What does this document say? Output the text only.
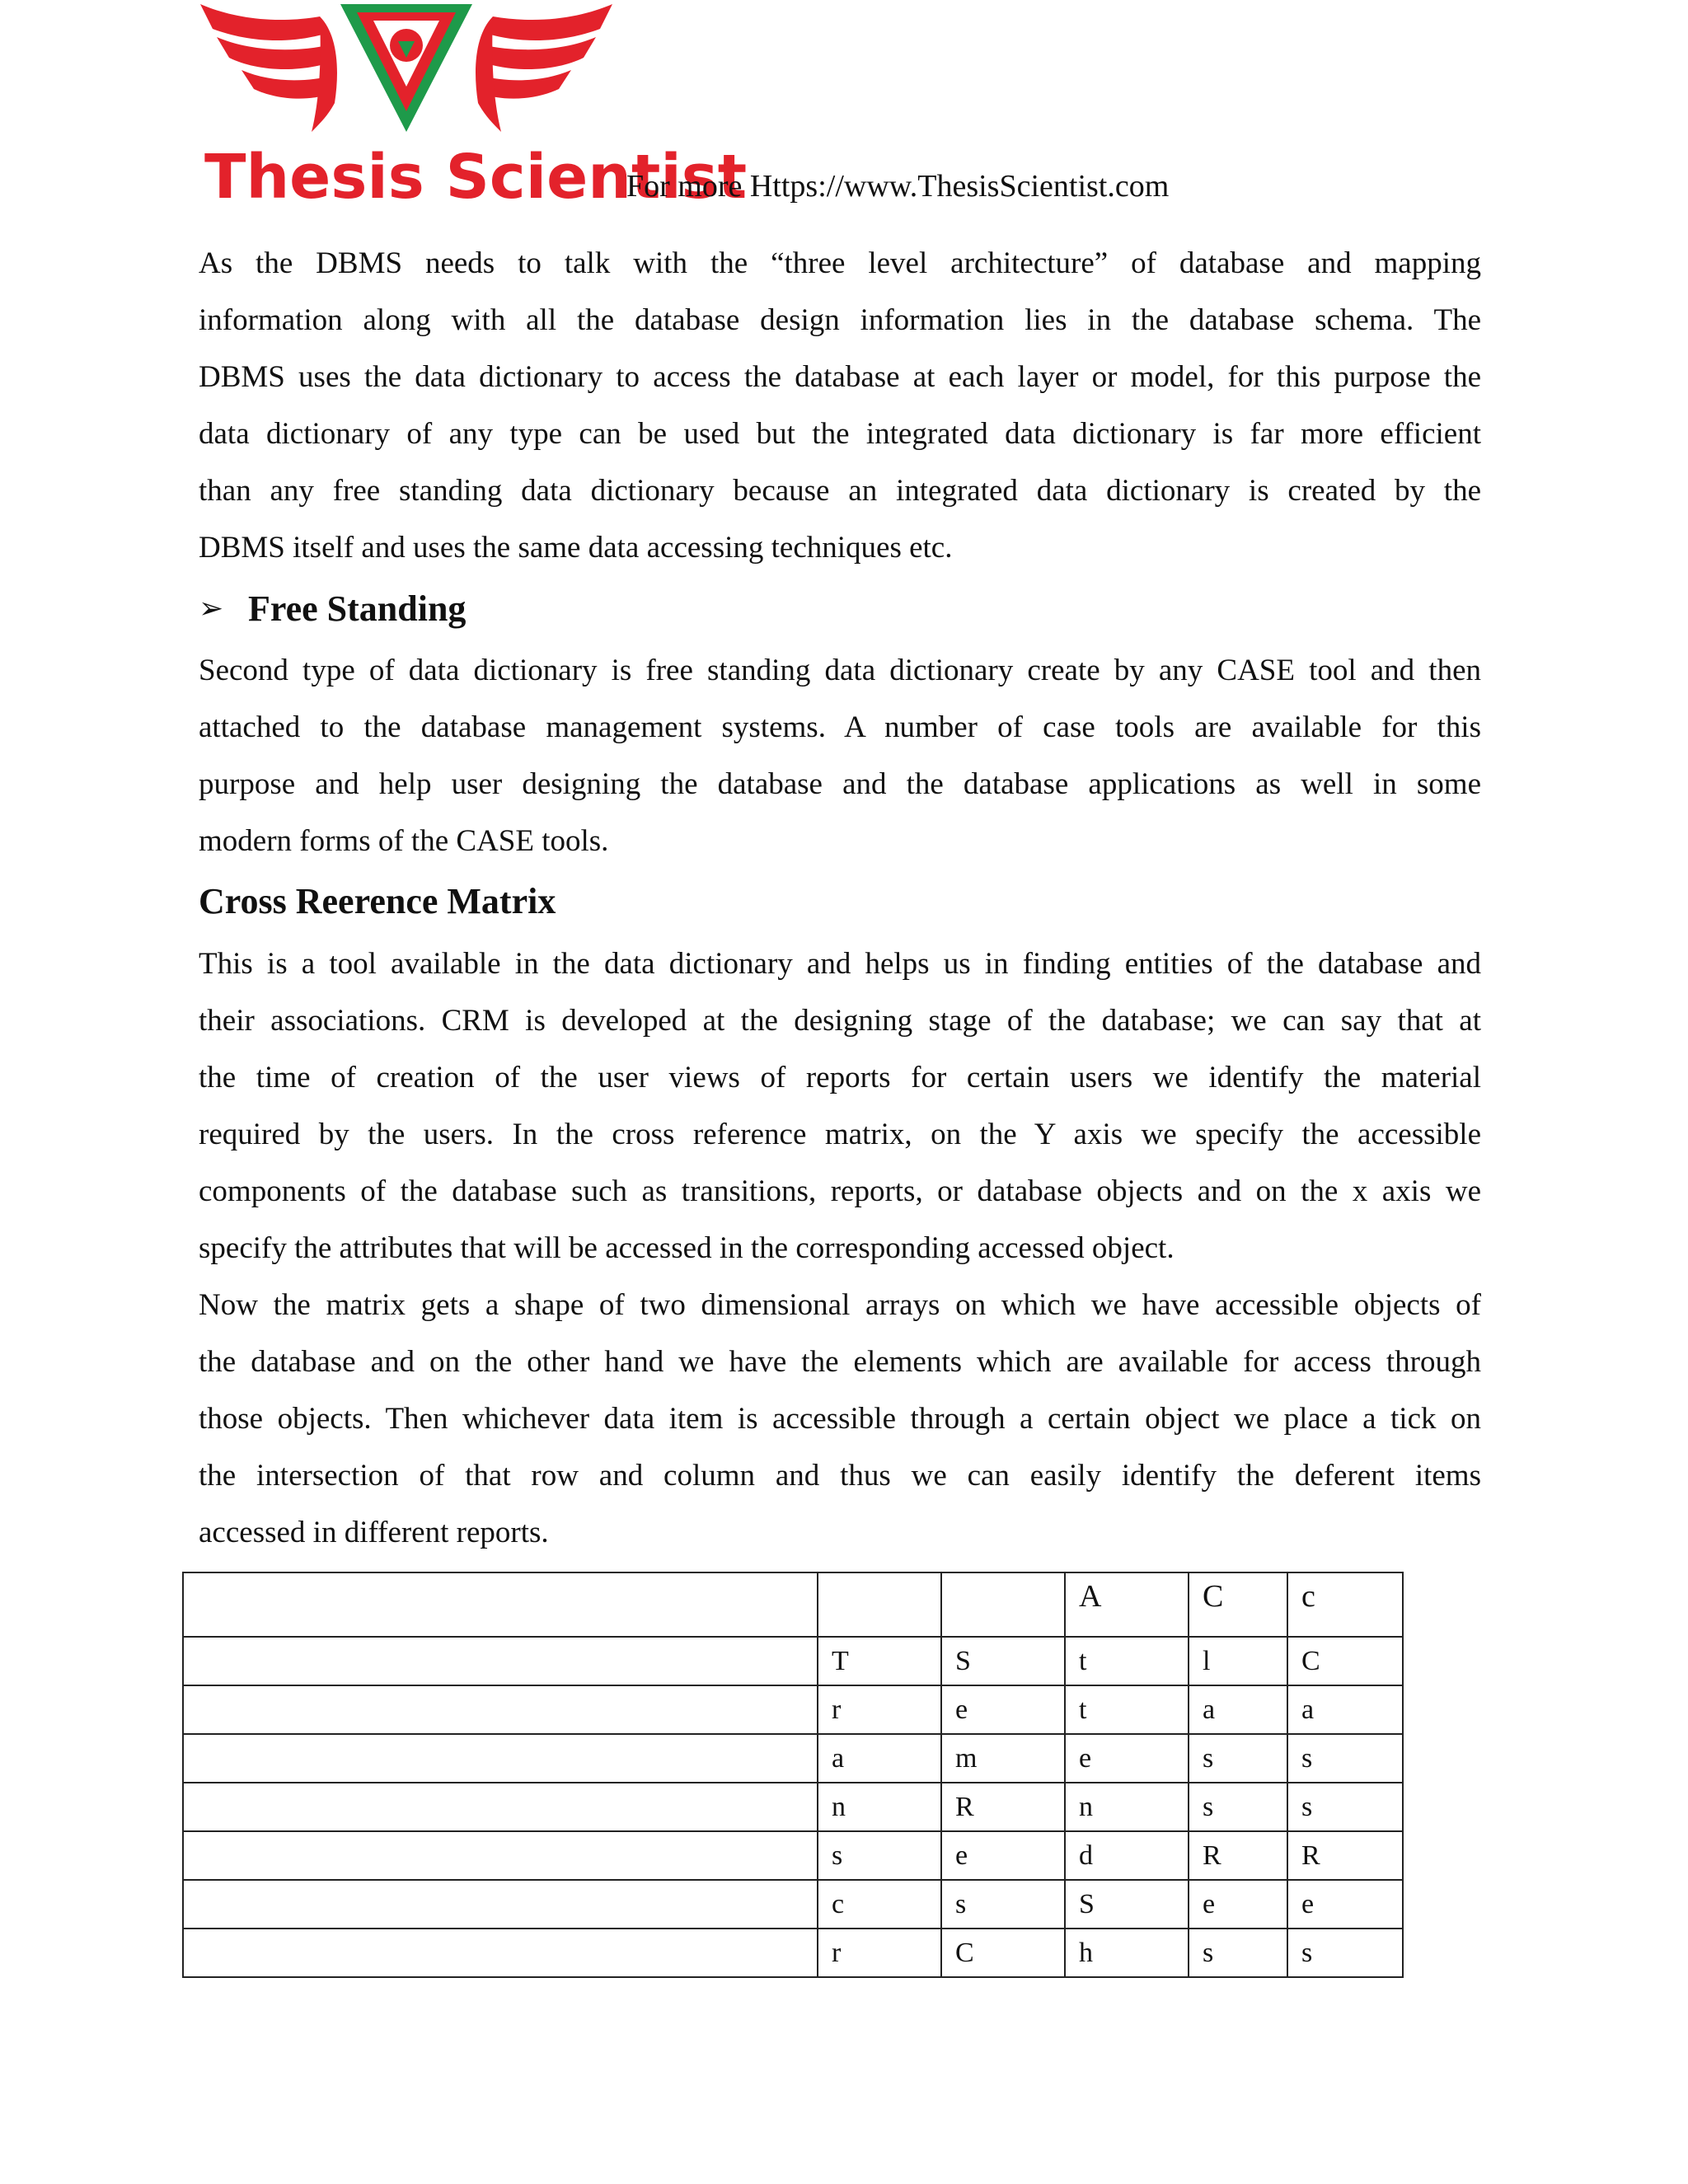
Thesis Scientist
For more Https://www.ThesisScientist.com
As the DBMS needs to talk with the “three level architecture” of database and mapping
information along with all the database design information lies in the database schema. The
DBMS uses the data dictionary to access the database at each layer or model, for this purpose the
data dictionary of any type can be used but the integrated data dictionary is far more efficient
than any free standing data dictionary because an integrated data dictionary is created by the
DBMS itself and uses the same data accessing techniques etc.
➢ Free Standing
Second type of data dictionary is free standing data dictionary create by any CASE tool and then
attached to the database management systems. A number of case tools are available for this
purpose and help user designing the database and the database applications as well in some
modern forms of the CASE tools.
Cross Reerence Matrix
This is a tool available in the data dictionary and helps us in finding entities of the database and
their associations. CRM is developed at the designing stage of the database; we can say that at
the time of creation of the user views of reports for certain users we identify the material
required by the users. In the cross reference matrix, on the Y axis we specify the accessible
components of the database such as transitions, reports, or database objects and on the x axis we
specify the attributes that will be accessed in the corresponding accessed object.
Now the matrix gets a shape of two dimensional arrays on which we have accessible objects of
the database and on the other hand we have the elements which are available for access through
those objects. Then whichever data item is accessible through a certain object we place a tick on
the intersection of that row and column and thus we can easily identify the deferent items
accessed in different reports.
			A	C	c
	T	S	t	l	C
	r	e	t	a	a
	a	m	e	s	s
	n	R	n	s	s
	s	e	d	R	R
	c	s	S	e	e
	r	C	h	s	s
